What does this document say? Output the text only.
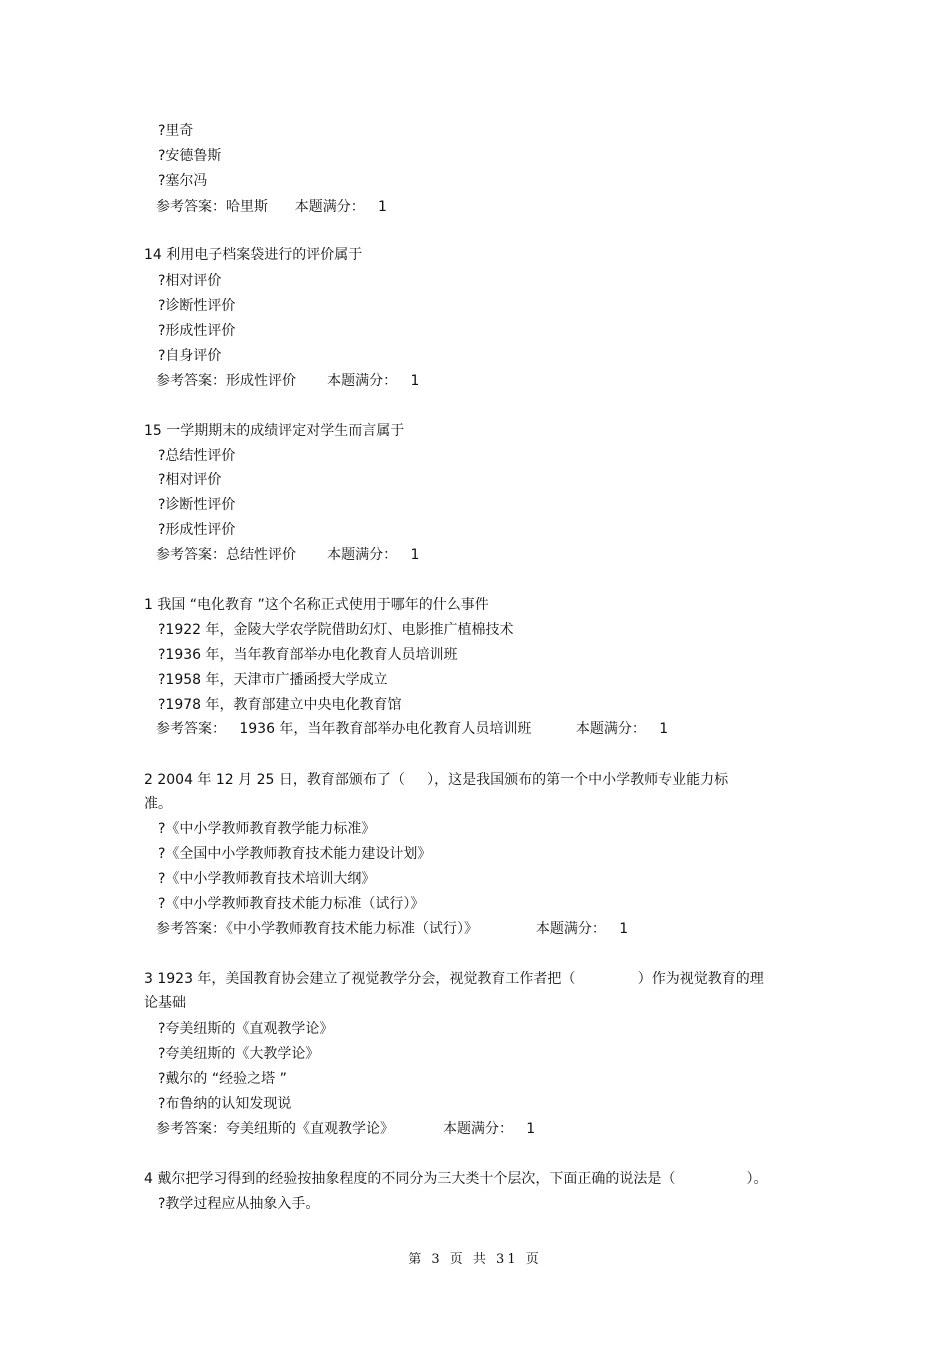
?里奇
?安德鲁斯
?塞尔冯
参考答案：哈里斯      本题满分：   1
14 利用电子档案袋进行的评价属于
?相对评价
?诊断性评价
?形成性评价
?自身评价
参考答案：形成性评价       本题满分：   1
15 一学期期末的成绩评定对学生而言属于
?总结性评价
?相对评价
?诊断性评价
?形成性评价
参考答案：总结性评价       本题满分：   1
1 我国 “电化教育 ”这个名称正式使用于哪年的什么事件
?1922 年，金陵大学农学院借助幻灯、电影推广植棉技术
?1936 年，当年教育部举办电化教育人员培训班
?1958 年，天津市广播函授大学成立
?1978 年，教育部建立中央电化教育馆
参考答案：   1936 年，当年教育部举办电化教育人员培训班          本题满分：   1
2 2004 年 12 月 25 日，教育部颁布了（     ），这是我国颁布的第一个中小学教师专业能力标
准。
?《中小学教师教育教学能力标准》
?《全国中小学教师教育技术能力建设计划》
?《中小学教师教育技术培训大纲》
?《中小学教师教育技术能力标准（试行）》
参考答案：《中小学教师教育技术能力标准（试行）》             本题满分：   1
3 1923 年，美国教育协会建立了视觉教学分会，视觉教育工作者把（              ）作为视觉教育的理
论基础
?夸美纽斯的《直观教学论》
?夸美纽斯的《大教学论》
?戴尔的 “经验之塔 ”
?布鲁纳的认知发现说
参考答案：夸美纽斯的《直观教学论》           本题满分：   1
4 戴尔把学习得到的经验按抽象程度的不同分为三大类十个层次，下面正确的说法是（                ）。
?教学过程应从抽象入手。
第 3 页 共 31 页
